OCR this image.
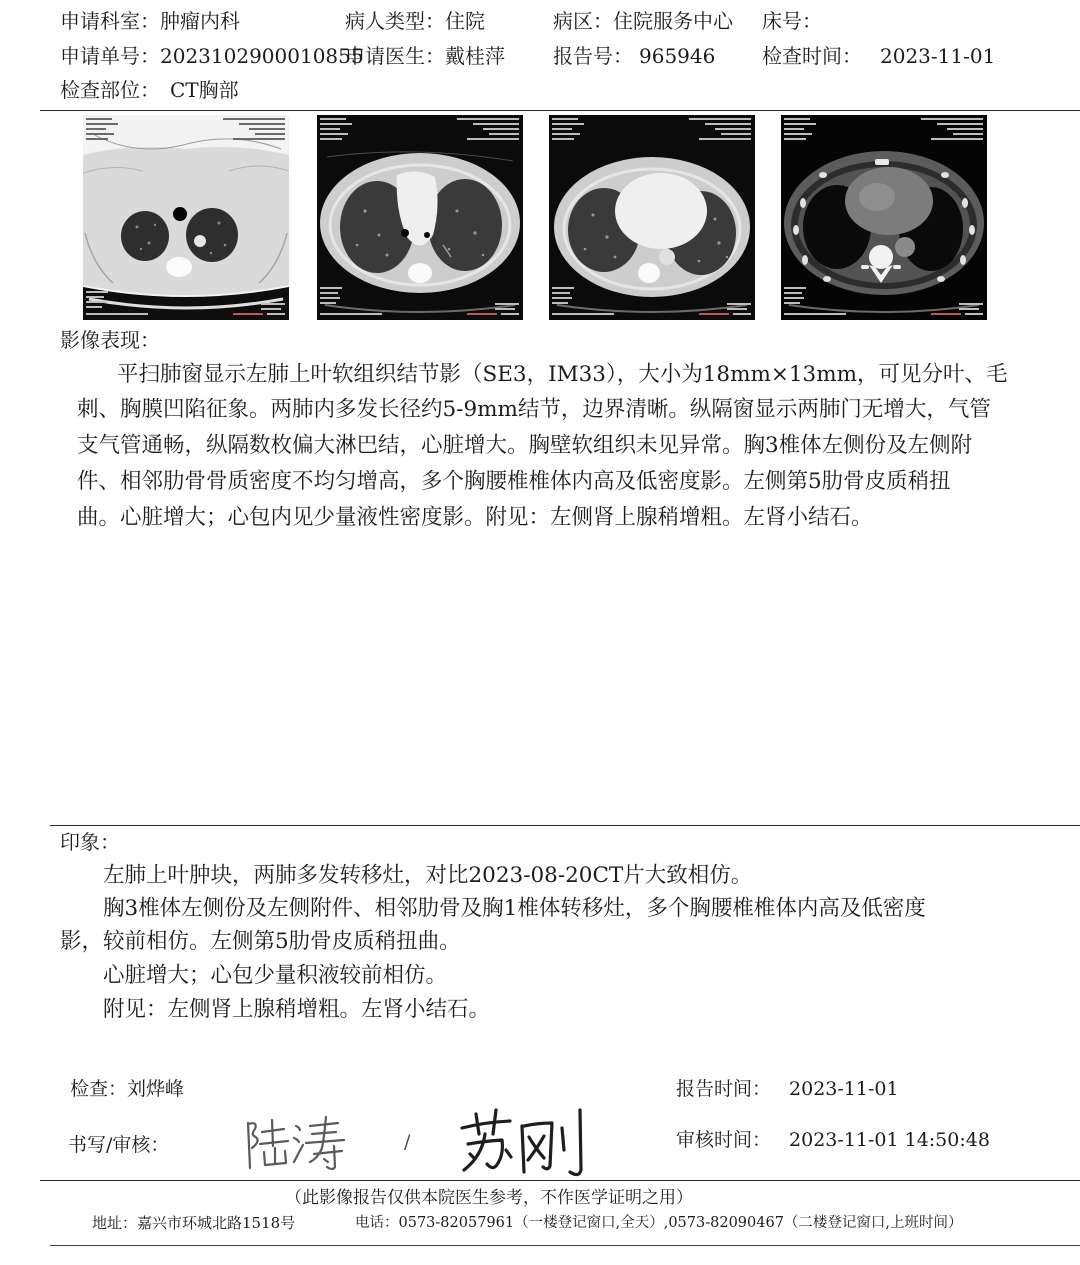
申请科室：肿瘤内科	病人类型：住院	病区：住院服务中心 床号：
申请单号：2023102900010855
申请医生：戴桂萍 报告号： 965946 检查时间： 2023-11-01
检查部位： CT胸部
影像表现：
平扫肺窗显示左肺上叶软组织结节影（SE3，IM33），大小为18mm×13mm，可见分叶、毛
刺、胸膜凹陷征象。两肺内多发长径约5-9mm结节，边界清晰。纵隔窗显示两肺门无增大，气管
支气管通畅，纵隔数枚偏大淋巴结，心脏增大。胸壁软组织未见异常。胸3椎体左侧份及左侧附
件、相邻肋骨骨质密度不均匀增高，多个胸腰椎椎体内高及低密度影。左侧第5肋骨皮质稍扭
曲。心脏增大；心包内见少量液性密度影。附见：左侧肾上腺稍增粗。左肾小结石。
印象：
左肺上叶肿块，两肺多发转移灶，对比2023-08-20CT片大致相仿。
胸3椎体左侧份及左侧附件、相邻肋骨及胸1椎体转移灶，多个胸腰椎椎体内高及低密度
影，较前相仿。左侧第5肋骨皮质稍扭曲。
心脏增大；心包少量积液较前相仿。
附见：左侧肾上腺稍增粗。左肾小结石。
检查：刘烨峰	报告时间： 2023-11-01
书写/审核：	/	审核时间： 2023-11-01 14:50:48
（此影像报告仅供本院医生参考，不作医学证明之用）
地址：嘉兴市环城北路1518号	电话：0573-82057961（一楼登记窗口,全天）,0573-82090467（二楼登记窗口,上班时间）
